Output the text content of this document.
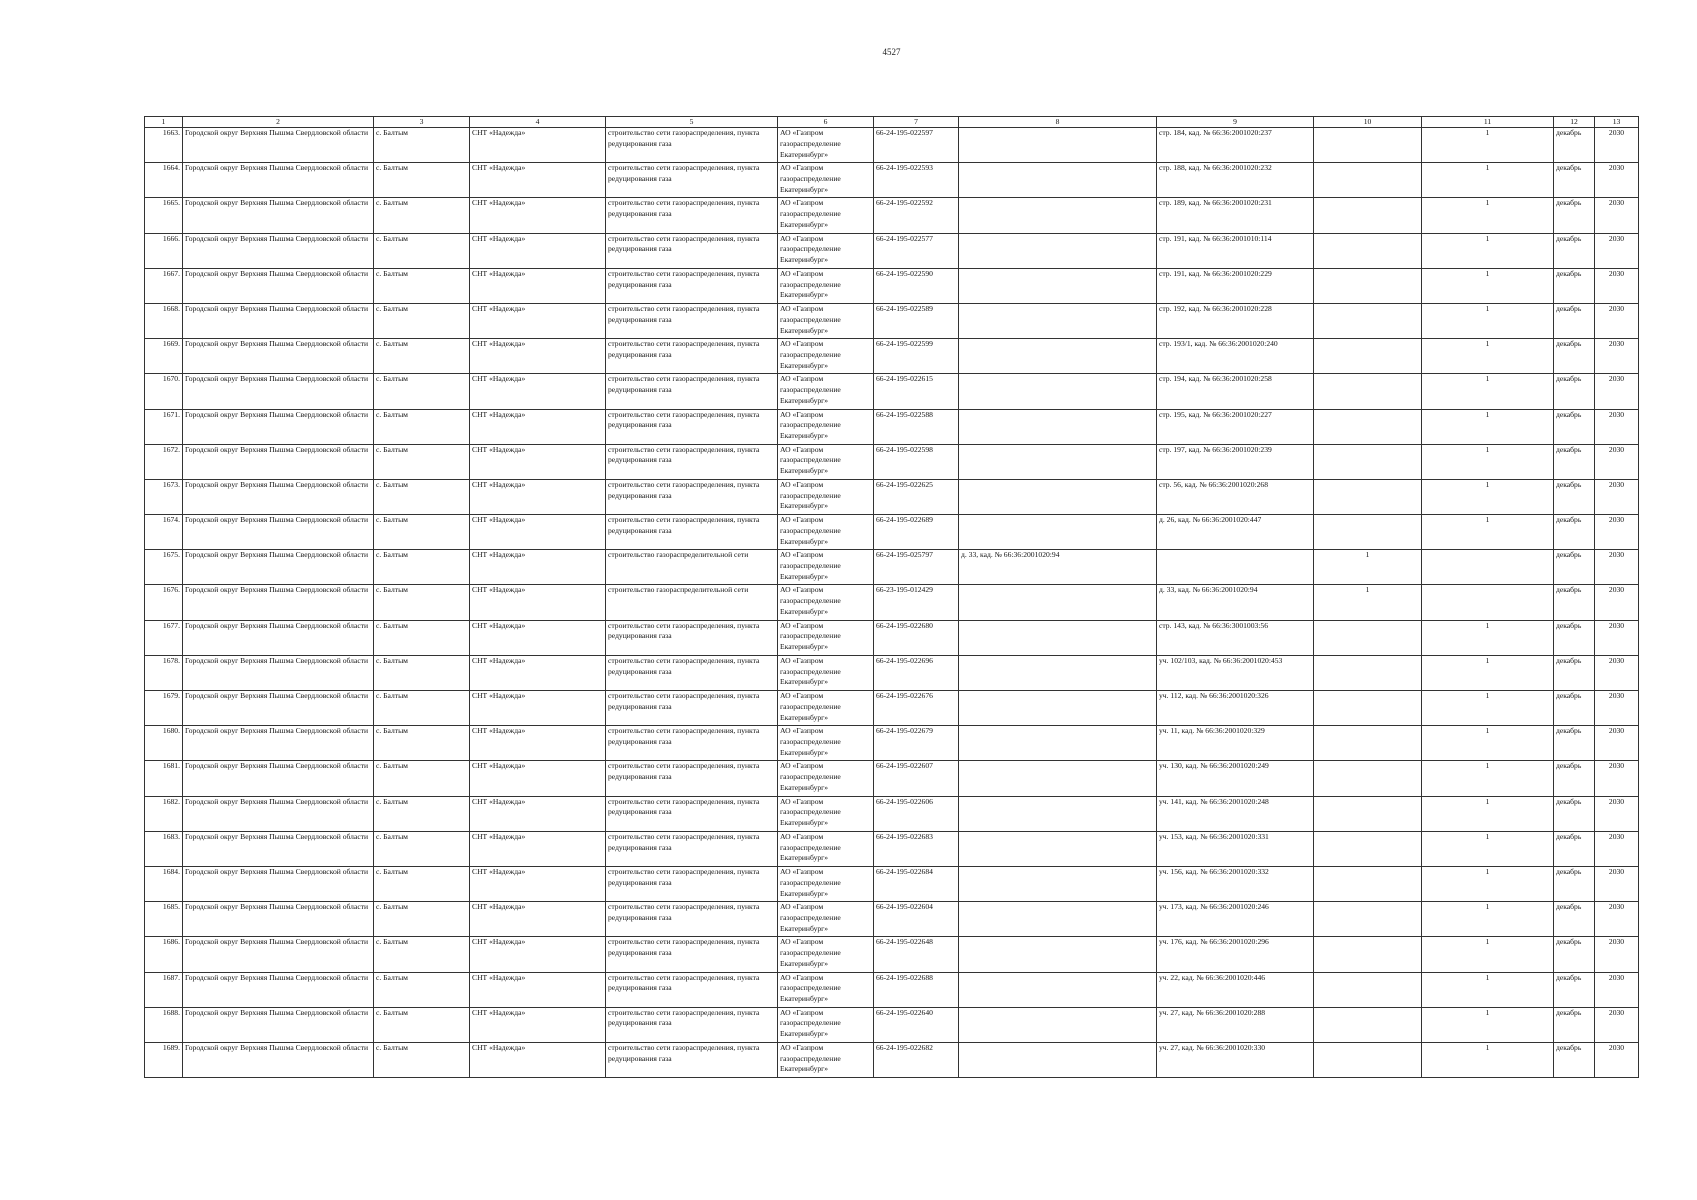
4527
1	2	3	4	5	6	7	8	9	10	11	12	13
1663.	Городской округ Верхняя Пышма Свердловской области	с. Балтым	СНТ «Надежда»	строительство сети газораспределения, пункта редуцирования газа	АО «Газпром газораспределение Екатеринбург»	66-24-195-022597		стр. 184, кад. № 66:36:2001020:237		1	декабрь	2030
1664.	Городской округ Верхняя Пышма Свердловской области	с. Балтым	СНТ «Надежда»	строительство сети газораспределения, пункта редуцирования газа	АО «Газпром газораспределение Екатеринбург»	66-24-195-022593		стр. 188, кад. № 66:36:2001020:232		1	декабрь	2030
1665.	Городской округ Верхняя Пышма Свердловской области	с. Балтым	СНТ «Надежда»	строительство сети газораспределения, пункта редуцирования газа	АО «Газпром газораспределение Екатеринбург»	66-24-195-022592		стр. 189, кад. № 66:36:2001020:231		1	декабрь	2030
1666.	Городской округ Верхняя Пышма Свердловской области	с. Балтым	СНТ «Надежда»	строительство сети газораспределения, пункта редуцирования газа	АО «Газпром газораспределение Екатеринбург»	66-24-195-022577		стр. 191, кад. № 66:36:2001010:114		1	декабрь	2030
1667.	Городской округ Верхняя Пышма Свердловской области	с. Балтым	СНТ «Надежда»	строительство сети газораспределения, пункта редуцирования газа	АО «Газпром газораспределение Екатеринбург»	66-24-195-022590		стр. 191, кад. № 66:36:2001020:229		1	декабрь	2030
1668.	Городской округ Верхняя Пышма Свердловской области	с. Балтым	СНТ «Надежда»	строительство сети газораспределения, пункта редуцирования газа	АО «Газпром газораспределение Екатеринбург»	66-24-195-022589		стр. 192, кад. № 66:36:2001020:228		1	декабрь	2030
1669.	Городской округ Верхняя Пышма Свердловской области	с. Балтым	СНТ «Надежда»	строительство сети газораспределения, пункта редуцирования газа	АО «Газпром газораспределение Екатеринбург»	66-24-195-022599		стр. 193/1, кад. № 66:36:2001020:240		1	декабрь	2030
1670.	Городской округ Верхняя Пышма Свердловской области	с. Балтым	СНТ «Надежда»	строительство сети газораспределения, пункта редуцирования газа	АО «Газпром газораспределение Екатеринбург»	66-24-195-022615		стр. 194, кад. № 66:36:2001020:258		1	декабрь	2030
1671.	Городской округ Верхняя Пышма Свердловской области	с. Балтым	СНТ «Надежда»	строительство сети газораспределения, пункта редуцирования газа	АО «Газпром газораспределение Екатеринбург»	66-24-195-022588		стр. 195, кад. № 66:36:2001020:227		1	декабрь	2030
1672.	Городской округ Верхняя Пышма Свердловской области	с. Балтым	СНТ «Надежда»	строительство сети газораспределения, пункта редуцирования газа	АО «Газпром газораспределение Екатеринбург»	66-24-195-022598		стр. 197, кад. № 66:36:2001020:239		1	декабрь	2030
1673.	Городской округ Верхняя Пышма Свердловской области	с. Балтым	СНТ «Надежда»	строительство сети газораспределения, пункта редуцирования газа	АО «Газпром газораспределение Екатеринбург»	66-24-195-022625		стр. 56, кад. № 66:36:2001020:268		1	декабрь	2030
1674.	Городской округ Верхняя Пышма Свердловской области	с. Балтым	СНТ «Надежда»	строительство сети газораспределения, пункта редуцирования газа	АО «Газпром газораспределение Екатеринбург»	66-24-195-022689		д. 26, кад. № 66:36:2001020:447		1	декабрь	2030
1675.	Городской округ Верхняя Пышма Свердловской области	с. Балтым	СНТ «Надежда»	строительство газораспределительной сети	АО «Газпром газораспределение Екатеринбург»	66-24-195-025797	д. 33, кад. № 66:36:2001020:94		1		декабрь	2030
1676.	Городской округ Верхняя Пышма Свердловской области	с. Балтым	СНТ «Надежда»	строительство газораспределительной сети	АО «Газпром газораспределение Екатеринбург»	66-23-195-012429		д. 33, кад. № 66:36:2001020:94	1		декабрь	2030
1677.	Городской округ Верхняя Пышма Свердловской области	с. Балтым	СНТ «Надежда»	строительство сети газораспределения, пункта редуцирования газа	АО «Газпром газораспределение Екатеринбург»	66-24-195-022680		стр. 143, кад. № 66:36:3001003:56		1	декабрь	2030
1678.	Городской округ Верхняя Пышма Свердловской области	с. Балтым	СНТ «Надежда»	строительство сети газораспределения, пункта редуцирования газа	АО «Газпром газораспределение Екатеринбург»	66-24-195-022696		уч. 102/103, кад. № 66:36:2001020:453		1	декабрь	2030
1679.	Городской округ Верхняя Пышма Свердловской области	с. Балтым	СНТ «Надежда»	строительство сети газораспределения, пункта редуцирования газа	АО «Газпром газораспределение Екатеринбург»	66-24-195-022676		уч. 112, кад. № 66:36:2001020:326		1	декабрь	2030
1680.	Городской округ Верхняя Пышма Свердловской области	с. Балтым	СНТ «Надежда»	строительство сети газораспределения, пункта редуцирования газа	АО «Газпром газораспределение Екатеринбург»	66-24-195-022679		уч. 11, кад. № 66:36:2001020:329		1	декабрь	2030
1681.	Городской округ Верхняя Пышма Свердловской области	с. Балтым	СНТ «Надежда»	строительство сети газораспределения, пункта редуцирования газа	АО «Газпром газораспределение Екатеринбург»	66-24-195-022607		уч. 130, кад. № 66:36:2001020:249		1	декабрь	2030
1682.	Городской округ Верхняя Пышма Свердловской области	с. Балтым	СНТ «Надежда»	строительство сети газораспределения, пункта редуцирования газа	АО «Газпром газораспределение Екатеринбург»	66-24-195-022606		уч. 141, кад. № 66:36:2001020:248		1	декабрь	2030
1683.	Городской округ Верхняя Пышма Свердловской области	с. Балтым	СНТ «Надежда»	строительство сети газораспределения, пункта редуцирования газа	АО «Газпром газораспределение Екатеринбург»	66-24-195-022683		уч. 153, кад. № 66:36:2001020:331		1	декабрь	2030
1684.	Городской округ Верхняя Пышма Свердловской области	с. Балтым	СНТ «Надежда»	строительство сети газораспределения, пункта редуцирования газа	АО «Газпром газораспределение Екатеринбург»	66-24-195-022684		уч. 156, кад. № 66:36:2001020:332		1	декабрь	2030
1685.	Городской округ Верхняя Пышма Свердловской области	с. Балтым	СНТ «Надежда»	строительство сети газораспределения, пункта редуцирования газа	АО «Газпром газораспределение Екатеринбург»	66-24-195-022604		уч. 173, кад. № 66:36:2001020:246		1	декабрь	2030
1686.	Городской округ Верхняя Пышма Свердловской области	с. Балтым	СНТ «Надежда»	строительство сети газораспределения, пункта редуцирования газа	АО «Газпром газораспределение Екатеринбург»	66-24-195-022648		уч. 176, кад. № 66:36:2001020:296		1	декабрь	2030
1687.	Городской округ Верхняя Пышма Свердловской области	с. Балтым	СНТ «Надежда»	строительство сети газораспределения, пункта редуцирования газа	АО «Газпром газораспределение Екатеринбург»	66-24-195-022688		уч. 22, кад. № 66:36:2001020:446		1	декабрь	2030
1688.	Городской округ Верхняя Пышма Свердловской области	с. Балтым	СНТ «Надежда»	строительство сети газораспределения, пункта редуцирования газа	АО «Газпром газораспределение Екатеринбург»	66-24-195-022640		уч. 27, кад. № 66:36:2001020:288		1	декабрь	2030
1689.	Городской округ Верхняя Пышма Свердловской области	с. Балтым	СНТ «Надежда»	строительство сети газораспределения, пункта редуцирования газа	АО «Газпром газораспределение Екатеринбург»	66-24-195-022682		уч. 27, кад. № 66:36:2001020:330		1	декабрь	2030
